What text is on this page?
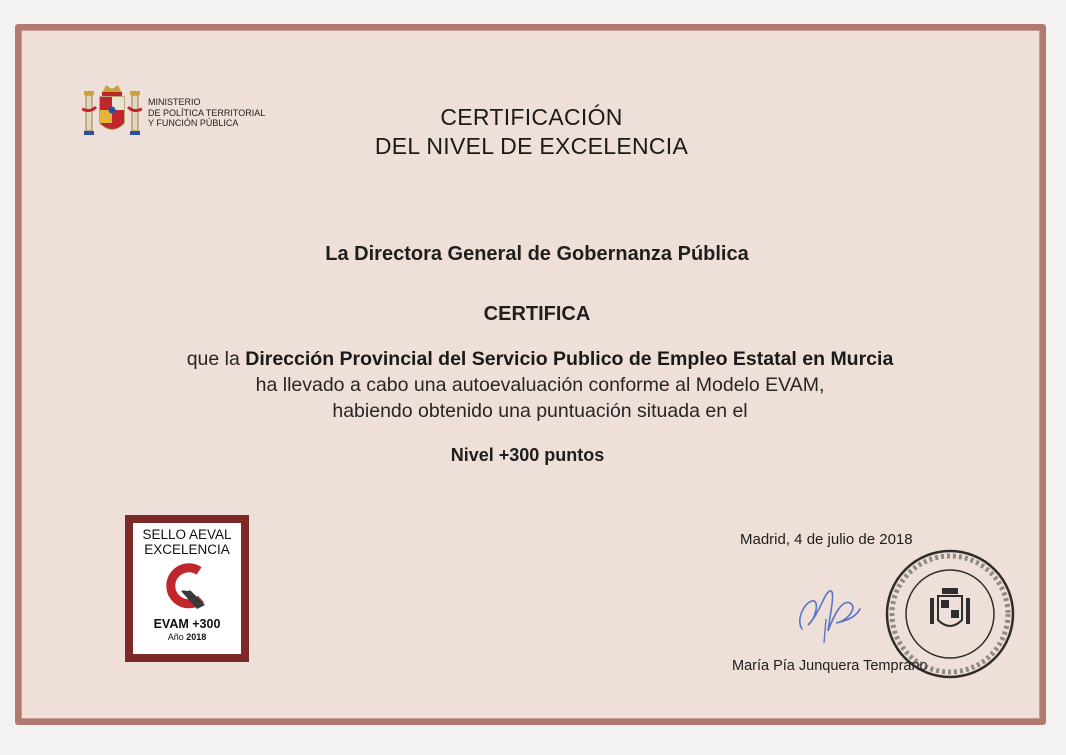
MINISTERIO
DE POLÍTICA TERRITORIAL
Y FUNCIÓN PÚBLICA	CERTIFICACIÓN
DEL NIVEL DE EXCELENCIA
La Directora General de Gobernanza Pública
CERTIFICA
que la Dirección Provincial del Servicio Publico de Empleo Estatal en Murcia
ha llevado a cabo una autoevaluación conforme al Modelo EVAM,
habiendo obtenido una puntuación situada en el
Nivel +300 puntos
SELLO AEVAL
EXCELENCIA
EVAM +300
Año 2018
Madrid, 4 de julio de 2018
María Pía Junquera Temprano
